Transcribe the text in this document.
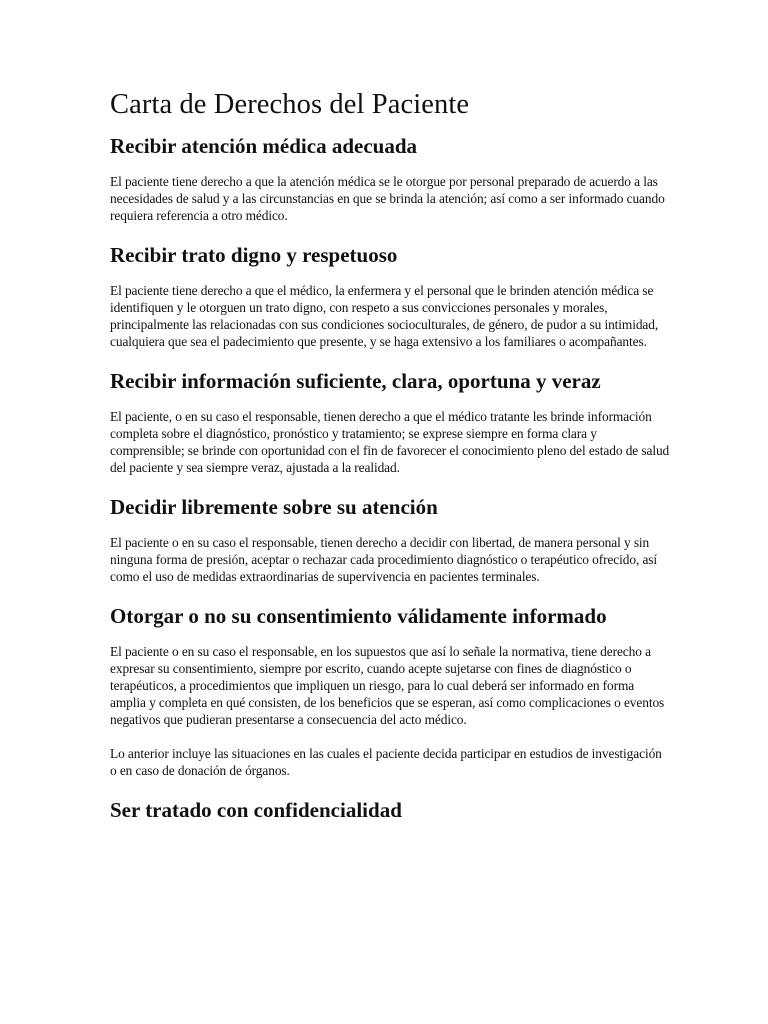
Carta de Derechos del Paciente
Recibir atención médica adecuada

El paciente tiene derecho a que la atención médica se le otorgue por personal preparado de acuerdo a las necesidades de salud y a las circunstancias en que se brinda la atención; así como a ser informado cuando requiera referencia a otro médico.

Recibir trato digno y respetuoso

El paciente tiene derecho a que el médico, la enfermera y el personal que le brinden atención médica se identifiquen y le otorguen un trato digno, con respeto a sus convicciones personales y morales, principalmente las relacionadas con sus condiciones socioculturales, de género, de pudor a su intimidad, cualquiera que sea el padecimiento que presente, y se haga extensivo a los familiares o acompañantes.

Recibir información suficiente, clara, oportuna y veraz

El paciente, o en su caso el responsable, tienen derecho a que el médico tratante les brinde información completa sobre el diagnóstico, pronóstico y tratamiento; se exprese siempre en forma clara y comprensible; se brinde con oportunidad con el fin de favorecer el conocimiento pleno del estado de salud del paciente y sea siempre veraz, ajustada a la realidad.

Decidir libremente sobre su atención

El paciente o en su caso el responsable, tienen derecho a decidir con libertad, de manera personal y sin ninguna forma de presión, aceptar o rechazar cada procedimiento diagnóstico o terapéutico ofrecido, así como el uso de medidas extraordinarias de supervivencia en pacientes terminales.

Otorgar o no su consentimiento válidamente informado

El paciente o en su caso el responsable, en los supuestos que así lo señale la normativa, tiene derecho a expresar su consentimiento, siempre por escrito, cuando acepte sujetarse con fines de diagnóstico o terapéuticos, a procedimientos que impliquen un riesgo, para lo cual deberá ser informado en forma amplia y completa en qué consisten, de los beneficios que se esperan, así como complicaciones o eventos negativos que pudieran presentarse a consecuencia del acto médico.

Lo anterior incluye las situaciones en las cuales el paciente decida participar en estudios de investigación o en caso de donación de órganos.

Ser tratado con confidencialidad
